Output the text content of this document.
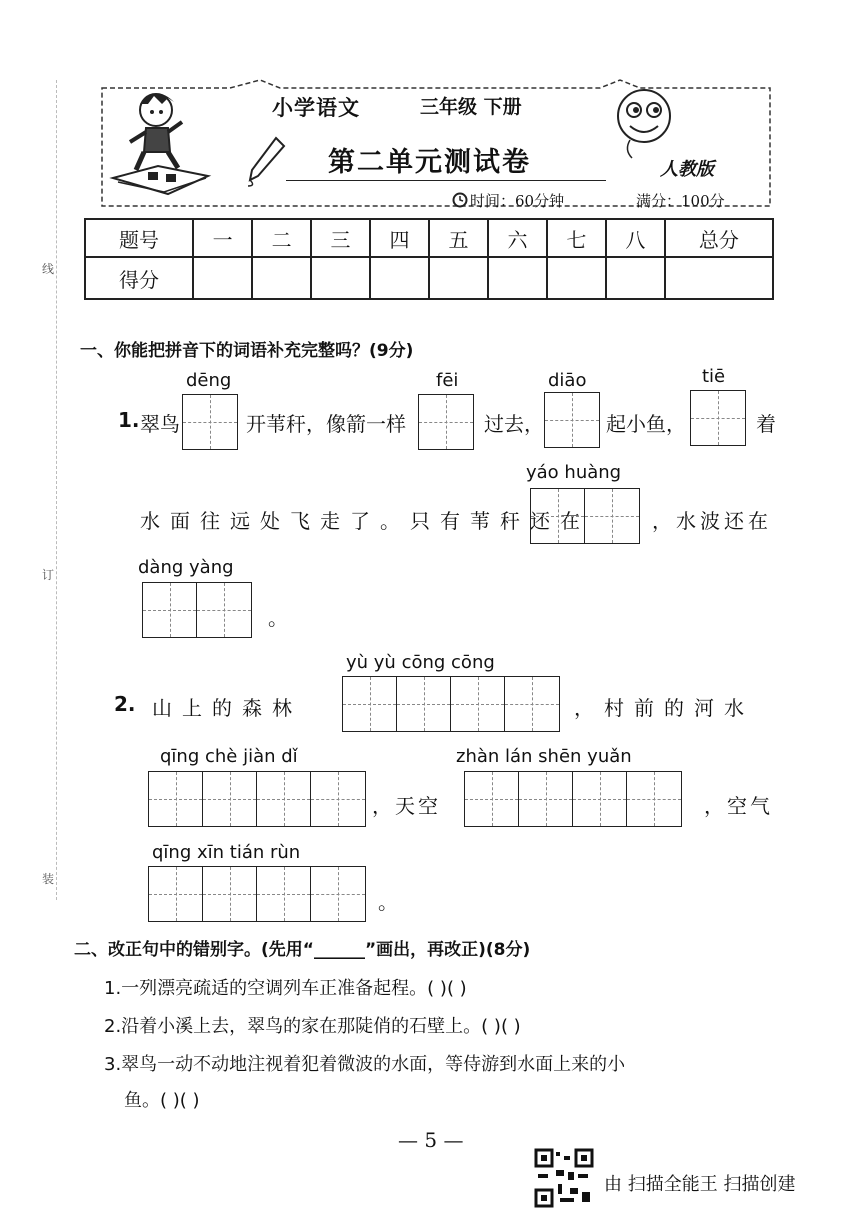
线
订
装
小学语文	三年级 下册
第二单元测试卷	人教版
时间：60分钟	满分：100分
题号	一	二	三	四	五	六	七	八	总分
得分									
一、你能把拼音下的词语补充完整吗？(9分)
dēng	fēi	diāo	tiē
1. 翠鸟	开苇秆，像箭一样	过去，	起小鱼，	着
yáo huàng
水面往远处飞走了。只有苇秆还在	，水波还在
dàng yàng
。
yù yù cōng cōng
2. 山上的森林	，村前的河水
qīng chè jiàn dǐ	zhàn lán shēn yuǎn
，天空	，空气
qīng xīn tián rùn
。
二、改正句中的错别字。(先用“______”画出，再改正)(8分)
1.一列漂亮疏适的空调列车正准备起程。( )( )
2.沿着小溪上去，翠鸟的家在那陡俏的石壁上。( )( )
3.翠鸟一动不动地注视着犯着微波的水面，等侍游到水面上来的小
鱼。( )( )
— 5 —
由 扫描全能王 扫描创建
